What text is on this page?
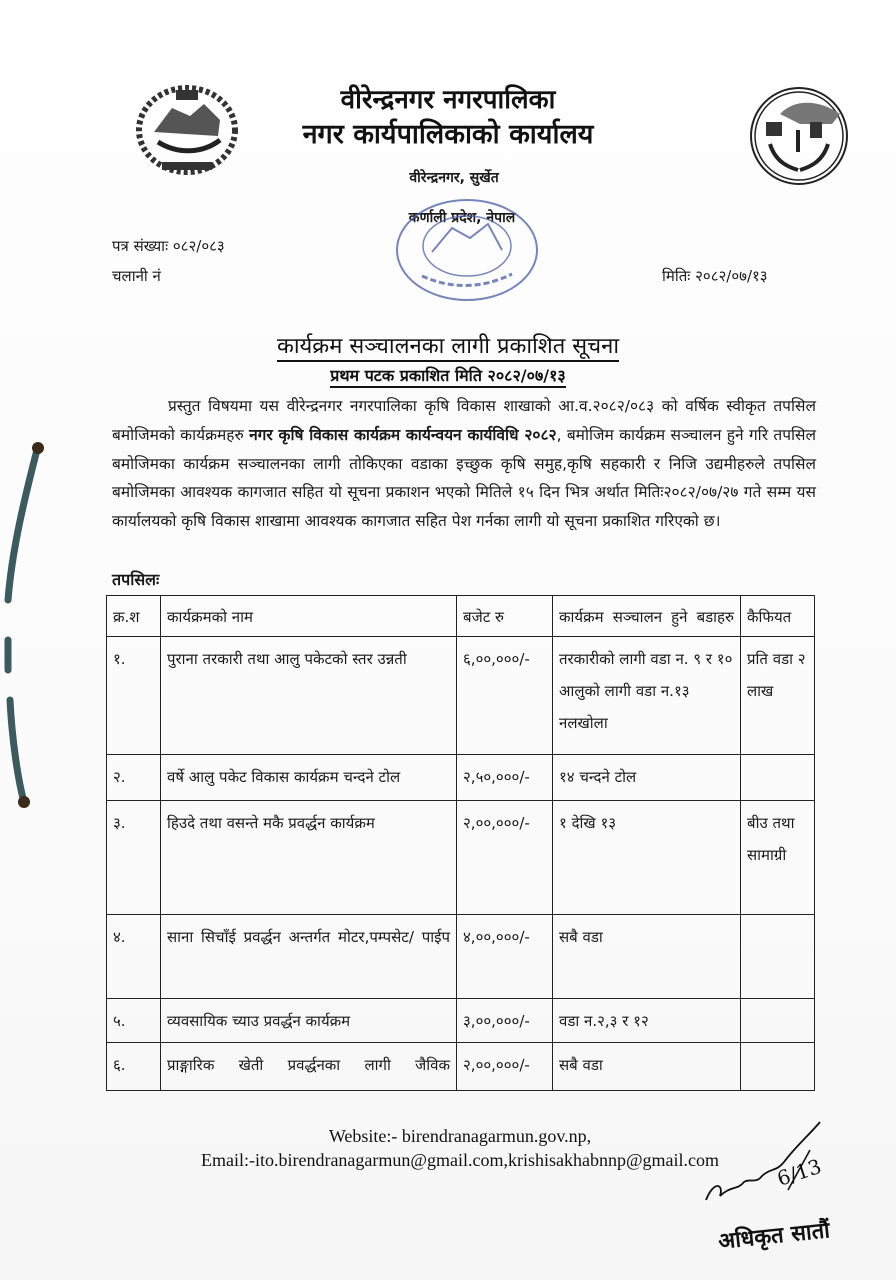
वीरेन्द्रनगर नगरपालिका
नगर कार्यपालिकाको कार्यालय
वीरेन्द्रनगर, सुर्खेत
कर्णाली प्रदेश, नेपाल
पत्र संख्याः ०८२/०८३
चलानी नं	मितिः २०८२/०७/१३
कार्यक्रम सञ्चालनका लागी प्रकाशित सूचना
प्रथम पटक प्रकाशित मिति २०८२/०७/१३
प्रस्तुत विषयमा यस वीरेन्द्रनगर नगरपालिका कृषि विकास शाखाको आ.व.२०८२/०८३ को वर्षिक स्वीकृत तपसिल बमोजिमको कार्यक्रमहरु नगर कृषि विकास कार्यक्रम कार्यन्वयन कार्यविधि २०८२, बमोजिम कार्यक्रम सञ्चालन हुने गरि तपसिल बमोजिमका कार्यक्रम सञ्चालनका लागी तोकिएका वडाका इच्छुक कृषि समुह,कृषि सहकारी र निजि उद्यमीहरुले तपसिल बमोजिमका आवश्यक कागजात सहित यो सूचना प्रकाशन भएको मितिले १५ दिन भित्र अर्थात मितिः२०८२/०७/२७ गते सम्म यस कार्यालयको कृषि विकास शाखामा आवश्यक कागजात सहित पेश गर्नका लागी यो सूचना प्रकाशित गरिएको छ।
तपसिलः
क्र.श	कार्यक्रमको नाम	बजेट रु	कार्यक्रम सञ्चालन हुने बडाहरु	कैफियत
१.	पुराना तरकारी तथा आलु पकेटको स्तर उन्नती	६,००,०००/-	तरकारीको लागी वडा न. ९ र १० आलुको लागी वडा न.१३ नलखोला	प्रति वडा २ लाख
२.	वर्षे आलु पकेट विकास कार्यक्रम चन्दने टोल	२,५०,०००/-	१४ चन्दने टोल	
३.	हिउदे तथा वसन्ते मकै प्रवर्द्धन कार्यक्रम	२,००,०००/-	१ देखि १३	बीउ तथा सामाग्री
४.	साना सिचाँई प्रवर्द्धन अन्तर्गत मोटर,पम्पसेट/ पाईप	४,००,०००/-	सबै वडा	
५.	व्यवसायिक च्याउ प्रवर्द्धन कार्यक्रम	३,००,०००/-	वडा न.२,३ र १२	
६.	प्राङ्गारिक खेती प्रवर्द्धनका लागी जैविक	२,००,०००/-	सबै वडा	
Website:- birendranagarmun.gov.np,
Email:-ito.birendranagarmun@gmail.com,krishisakhabnnp@gmail.com	6/13
अधिकृत सातौं
